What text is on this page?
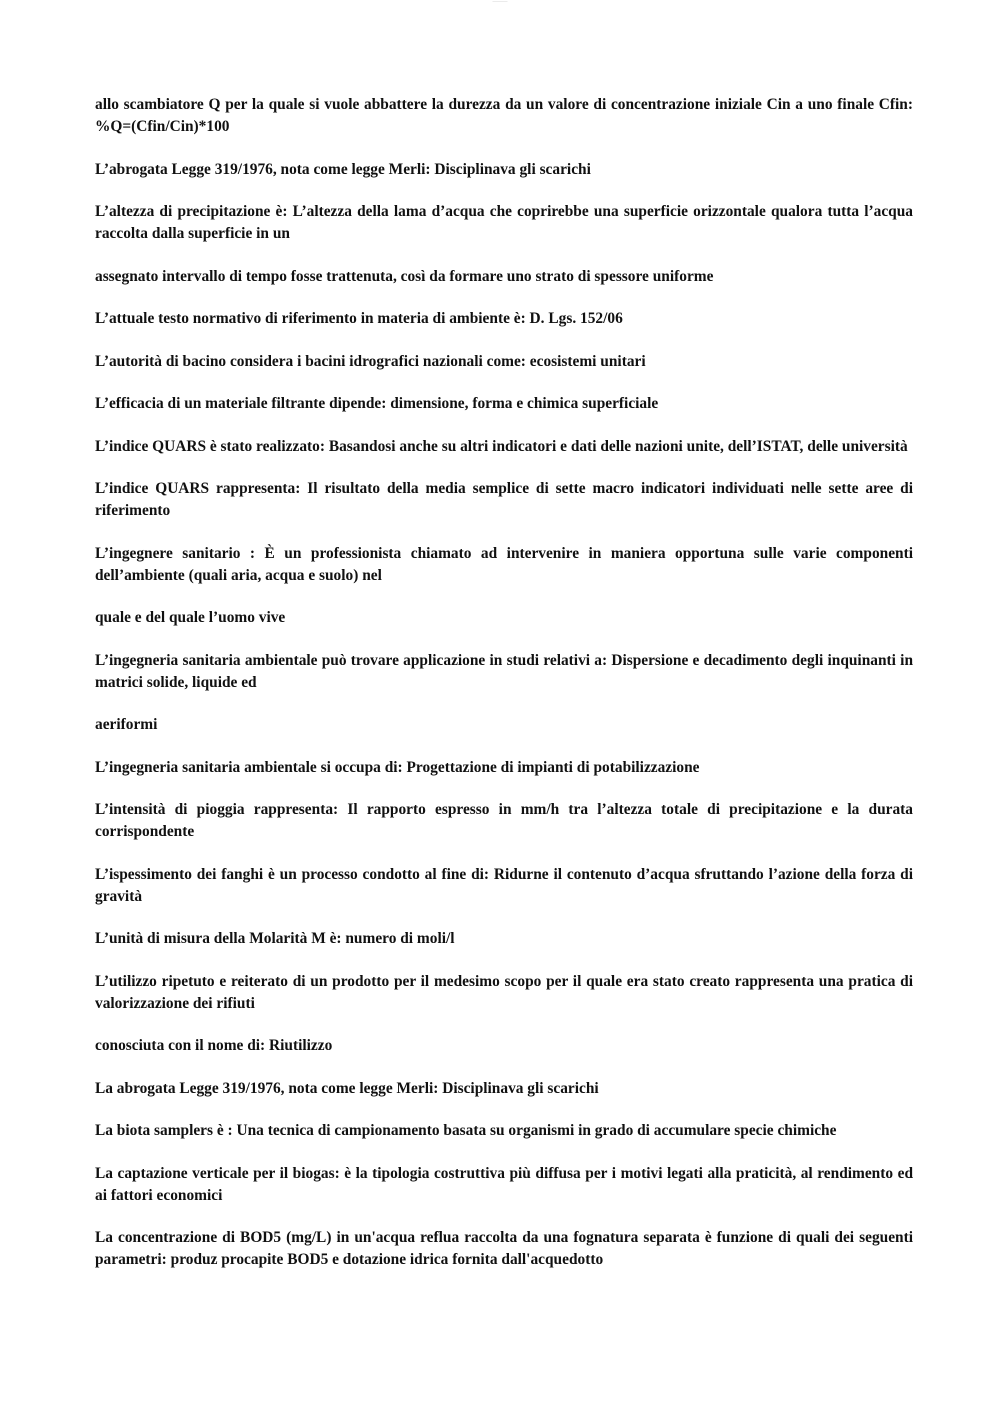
—————

allo scambiatore Q per la quale si vuole abbattere la durezza da un valore di concentrazione iniziale Cin a uno finale Cfin: %Q=(Cfin/Cin)*100

L’abrogata Legge 319/1976, nota come legge Merli: Disciplinava gli scarichi

L’altezza di precipitazione è: L’altezza della lama d’acqua che coprirebbe una superficie orizzontale qualora tutta l’acqua raccolta dalla superficie in un

assegnato intervallo di tempo fosse trattenuta, così da formare uno strato di spessore uniforme

L’attuale testo normativo di riferimento in materia di ambiente è: D. Lgs. 152/06

L’autorità di bacino considera i bacini idrografici nazionali come: ecosistemi unitari

L’efficacia di un materiale filtrante dipende: dimensione, forma e chimica superficiale

L’indice QUARS è stato realizzato: Basandosi anche su altri indicatori e dati delle nazioni unite, dell’ISTAT, delle università

L’indice QUARS rappresenta: Il risultato della media semplice di sette macro indicatori individuati nelle sette aree di riferimento

L’ingegnere sanitario : È un professionista chiamato ad intervenire in maniera opportuna sulle varie componenti dell’ambiente (quali aria, acqua e suolo) nel

quale e del quale l’uomo vive

L’ingegneria sanitaria ambientale può trovare applicazione in studi relativi a: Dispersione e decadimento degli inquinanti in matrici solide, liquide ed

aeriformi

L’ingegneria sanitaria ambientale si occupa di: Progettazione di impianti di potabilizzazione

L’intensità di pioggia rappresenta: Il rapporto espresso in mm/h tra l’altezza totale di precipitazione e la durata corrispondente

L’ispessimento dei fanghi è un processo condotto al fine di: Ridurne il contenuto d’acqua sfruttando l’azione della forza di gravità

L’unità di misura della Molarità M è: numero di moli/l

L’utilizzo ripetuto e reiterato di un prodotto per il medesimo scopo per il quale era stato creato rappresenta una pratica di valorizzazione dei rifiuti

conosciuta con il nome di: Riutilizzo

La abrogata Legge 319/1976, nota come legge Merli: Disciplinava gli scarichi

La biota samplers è : Una tecnica di campionamento basata su organismi in grado di accumulare specie chimiche

La captazione verticale per il biogas: è la tipologia costruttiva più diffusa per i motivi legati alla praticità, al rendimento ed ai fattori economici

La concentrazione di BOD5 (mg/L) in un'acqua reflua raccolta da una fognatura separata è funzione di quali dei seguenti parametri: produz procapite BOD5 e dotazione idrica fornita dall'acquedotto
